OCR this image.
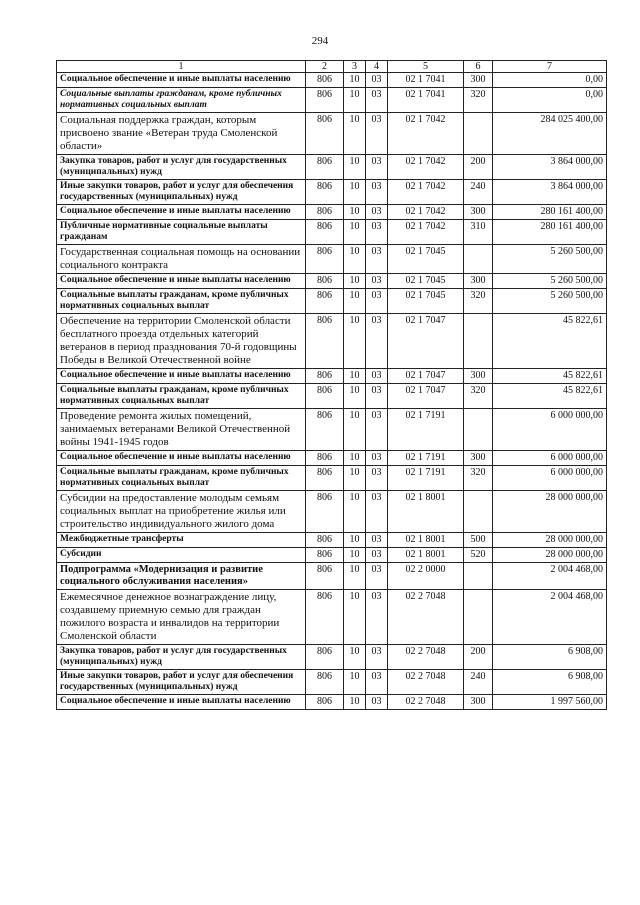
294
1	2	3	4	5	6	7
Социальное обеспечение и иные выплаты населению	806	10	03	02 1 7041	300	0,00
Социальные выплаты гражданам, кроме публичных нормативных социальных выплат	806	10	03	02 1 7041	320	0,00
Социальная поддержка граждан, которым присвоено звание «Ветеран труда Смоленской области»	806	10	03	02 1 7042		284 025 400,00
Закупка товаров, работ и услуг для государственных (муниципальных) нужд	806	10	03	02 1 7042	200	3 864 000,00
Иные закупки товаров, работ и услуг для обеспечения государственных (муниципальных) нужд	806	10	03	02 1 7042	240	3 864 000,00
Социальное обеспечение и иные выплаты населению	806	10	03	02 1 7042	300	280 161 400,00
Публичные нормативные социальные выплаты гражданам	806	10	03	02 1 7042	310	280 161 400,00
Государственная социальная помощь на основании социального контракта	806	10	03	02 1 7045		5 260 500,00
Социальное обеспечение и иные выплаты населению	806	10	03	02 1 7045	300	5 260 500,00
Социальные выплаты гражданам, кроме публичных нормативных социальных выплат	806	10	03	02 1 7045	320	5 260 500,00
Обеспечение на территории Смоленской области бесплатного проезда отдельных категорий ветеранов в период празднования 70-й годовщины Победы в Великой Отечественной войне	806	10	03	02 1 7047		45 822,61
Социальное обеспечение и иные выплаты населению	806	10	03	02 1 7047	300	45 822,61
Социальные выплаты гражданам, кроме публичных нормативных социальных выплат	806	10	03	02 1 7047	320	45 822,61
Проведение ремонта жилых помещений, занимаемых ветеранами Великой Отечественной войны 1941-1945 годов	806	10	03	02 1 7191		6 000 000,00
Социальное обеспечение и иные выплаты населению	806	10	03	02 1 7191	300	6 000 000,00
Социальные выплаты гражданам, кроме публичных нормативных социальных выплат	806	10	03	02 1 7191	320	6 000 000,00
Субсидии на предоставление молодым семьям социальных выплат на приобретение жилья или строительство индивидуального жилого дома	806	10	03	02 1 8001		28 000 000,00
Межбюджетные трансферты	806	10	03	02 1 8001	500	28 000 000,00
Субсидии	806	10	03	02 1 8001	520	28 000 000,00
Подпрограмма «Модернизация и развитие социального обслуживания населения»	806	10	03	02 2 0000		2 004 468,00
Ежемесячное денежное вознаграждение лицу, создавшему приемную семью для граждан пожилого возраста и инвалидов на территории Смоленской области	806	10	03	02 2 7048		2 004 468,00
Закупка товаров, работ и услуг для государственных (муниципальных) нужд	806	10	03	02 2 7048	200	6 908,00
Иные закупки товаров, работ и услуг для обеспечения государственных (муниципальных) нужд	806	10	03	02 2 7048	240	6 908,00
Социальное обеспечение и иные выплаты населению	806	10	03	02 2 7048	300	1 997 560,00
